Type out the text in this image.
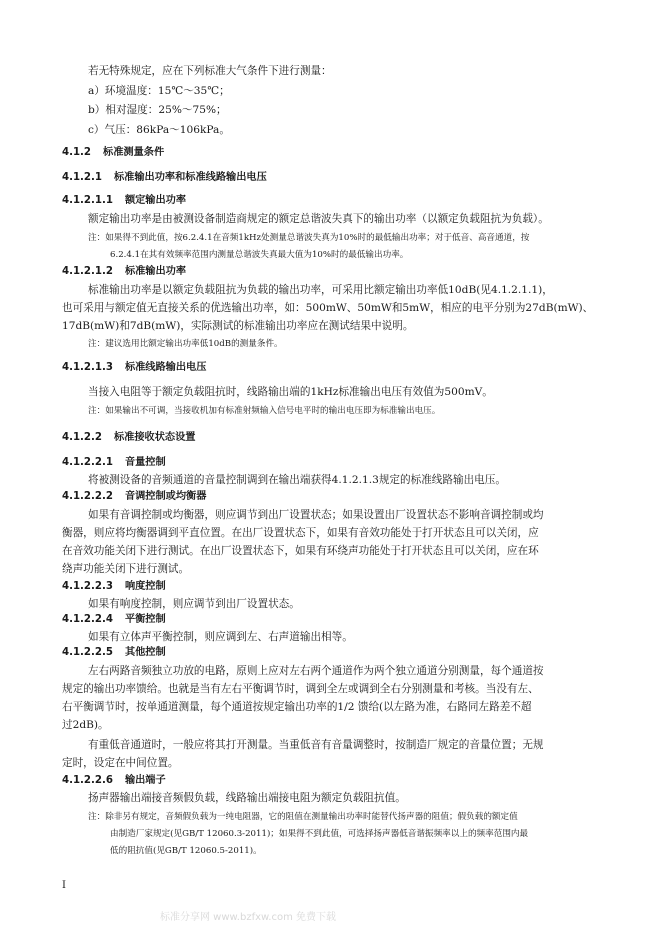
若无特殊规定，应在下列标准大气条件下进行测量：
a）环境温度：15℃～35℃；
b）相对湿度：25%～75%；
c）气压：86kPa～106kPa。
4.1.2 标准测量条件
4.1.2.1 标准输出功率和标准线路输出电压
4.1.2.1.1 额定输出功率
额定输出功率是由被测设备制造商规定的额定总谐波失真下的输出功率（以额定负载阻抗为负载）。
注：如果得不到此值，按6.2.4.1在音频1kHz处测量总谐波失真为10%时的最低输出功率；对于低音、高音通道，按
6.2.4.1在其有效频率范围内测量总谐波失真最大值为10%时的最低输出功率。
4.1.2.1.2 标准输出功率
标准输出功率是以额定负载阻抗为负载的输出功率，可采用比额定输出功率低10dB(见4.1.2.1.1)，
也可采用与额定值无直接关系的优选输出功率，如：500mW、50mW和5mW，相应的电平分别为27dB(mW)、
17dB(mW)和7dB(mW)，实际测试的标准输出功率应在测试结果中说明。
注：建议选用比额定输出功率低10dB的测量条件。
4.1.2.1.3 标准线路输出电压
当接入电阻等于额定负载阻抗时，线路输出端的1kHz标准输出电压有效值为500mV。
注：如果输出不可调，当接收机加有标准射频输入信号电平时的输出电压即为标准输出电压。
4.1.2.2 标准接收状态设置
4.1.2.2.1 音量控制
将被测设备的音频通道的音量控制调到在输出端获得4.1.2.1.3规定的标准线路输出电压。
4.1.2.2.2 音调控制或均衡器
如果有音调控制或均衡器，则应调节到出厂设置状态；如果设置出厂设置状态不影响音调控制或均
衡器，则应将均衡器调到平直位置。在出厂设置状态下，如果有音效功能处于打开状态且可以关闭，应
在音效功能关闭下进行测试。在出厂设置状态下，如果有环绕声功能处于打开状态且可以关闭，应在环
绕声功能关闭下进行测试。
4.1.2.2.3 响度控制
如果有响度控制，则应调节到出厂设置状态。
4.1.2.2.4 平衡控制
如果有立体声平衡控制，则应调到左、右声道输出相等。
4.1.2.2.5 其他控制
左右两路音频独立功放的电路，原则上应对左右两个通道作为两个独立通道分别测量，每个通道按
规定的输出功率馈给。也就是当有左右平衡调节时，调到全左或调到全右分别测量和考核。当没有左、
右平衡调节时，按单通道测量，每个通道按规定输出功率的1/2 馈给(以左路为准，右路同左路差不超
过2dB)。
有重低音通道时，一般应将其打开测量。当重低音有音量调整时，按制造厂规定的音量位置；无规
定时，设定在中间位置。
4.1.2.2.6 输出端子
扬声器输出端接音频假负载，线路输出端接电阻为额定负载阻抗值。
注：除非另有规定，音频假负载为一纯电阻器，它的阻值在测量输出功率时能替代扬声器的阻值；假负载的额定值
由制造厂家规定(见GB/T 12060.3-2011)；如果得不到此值，可选择扬声器低音谐振频率以上的频率范围内最
低的阻抗值(见GB/T 12060.5-2011)。
I
标准分享网 www.bzfxw.com 免费下载
